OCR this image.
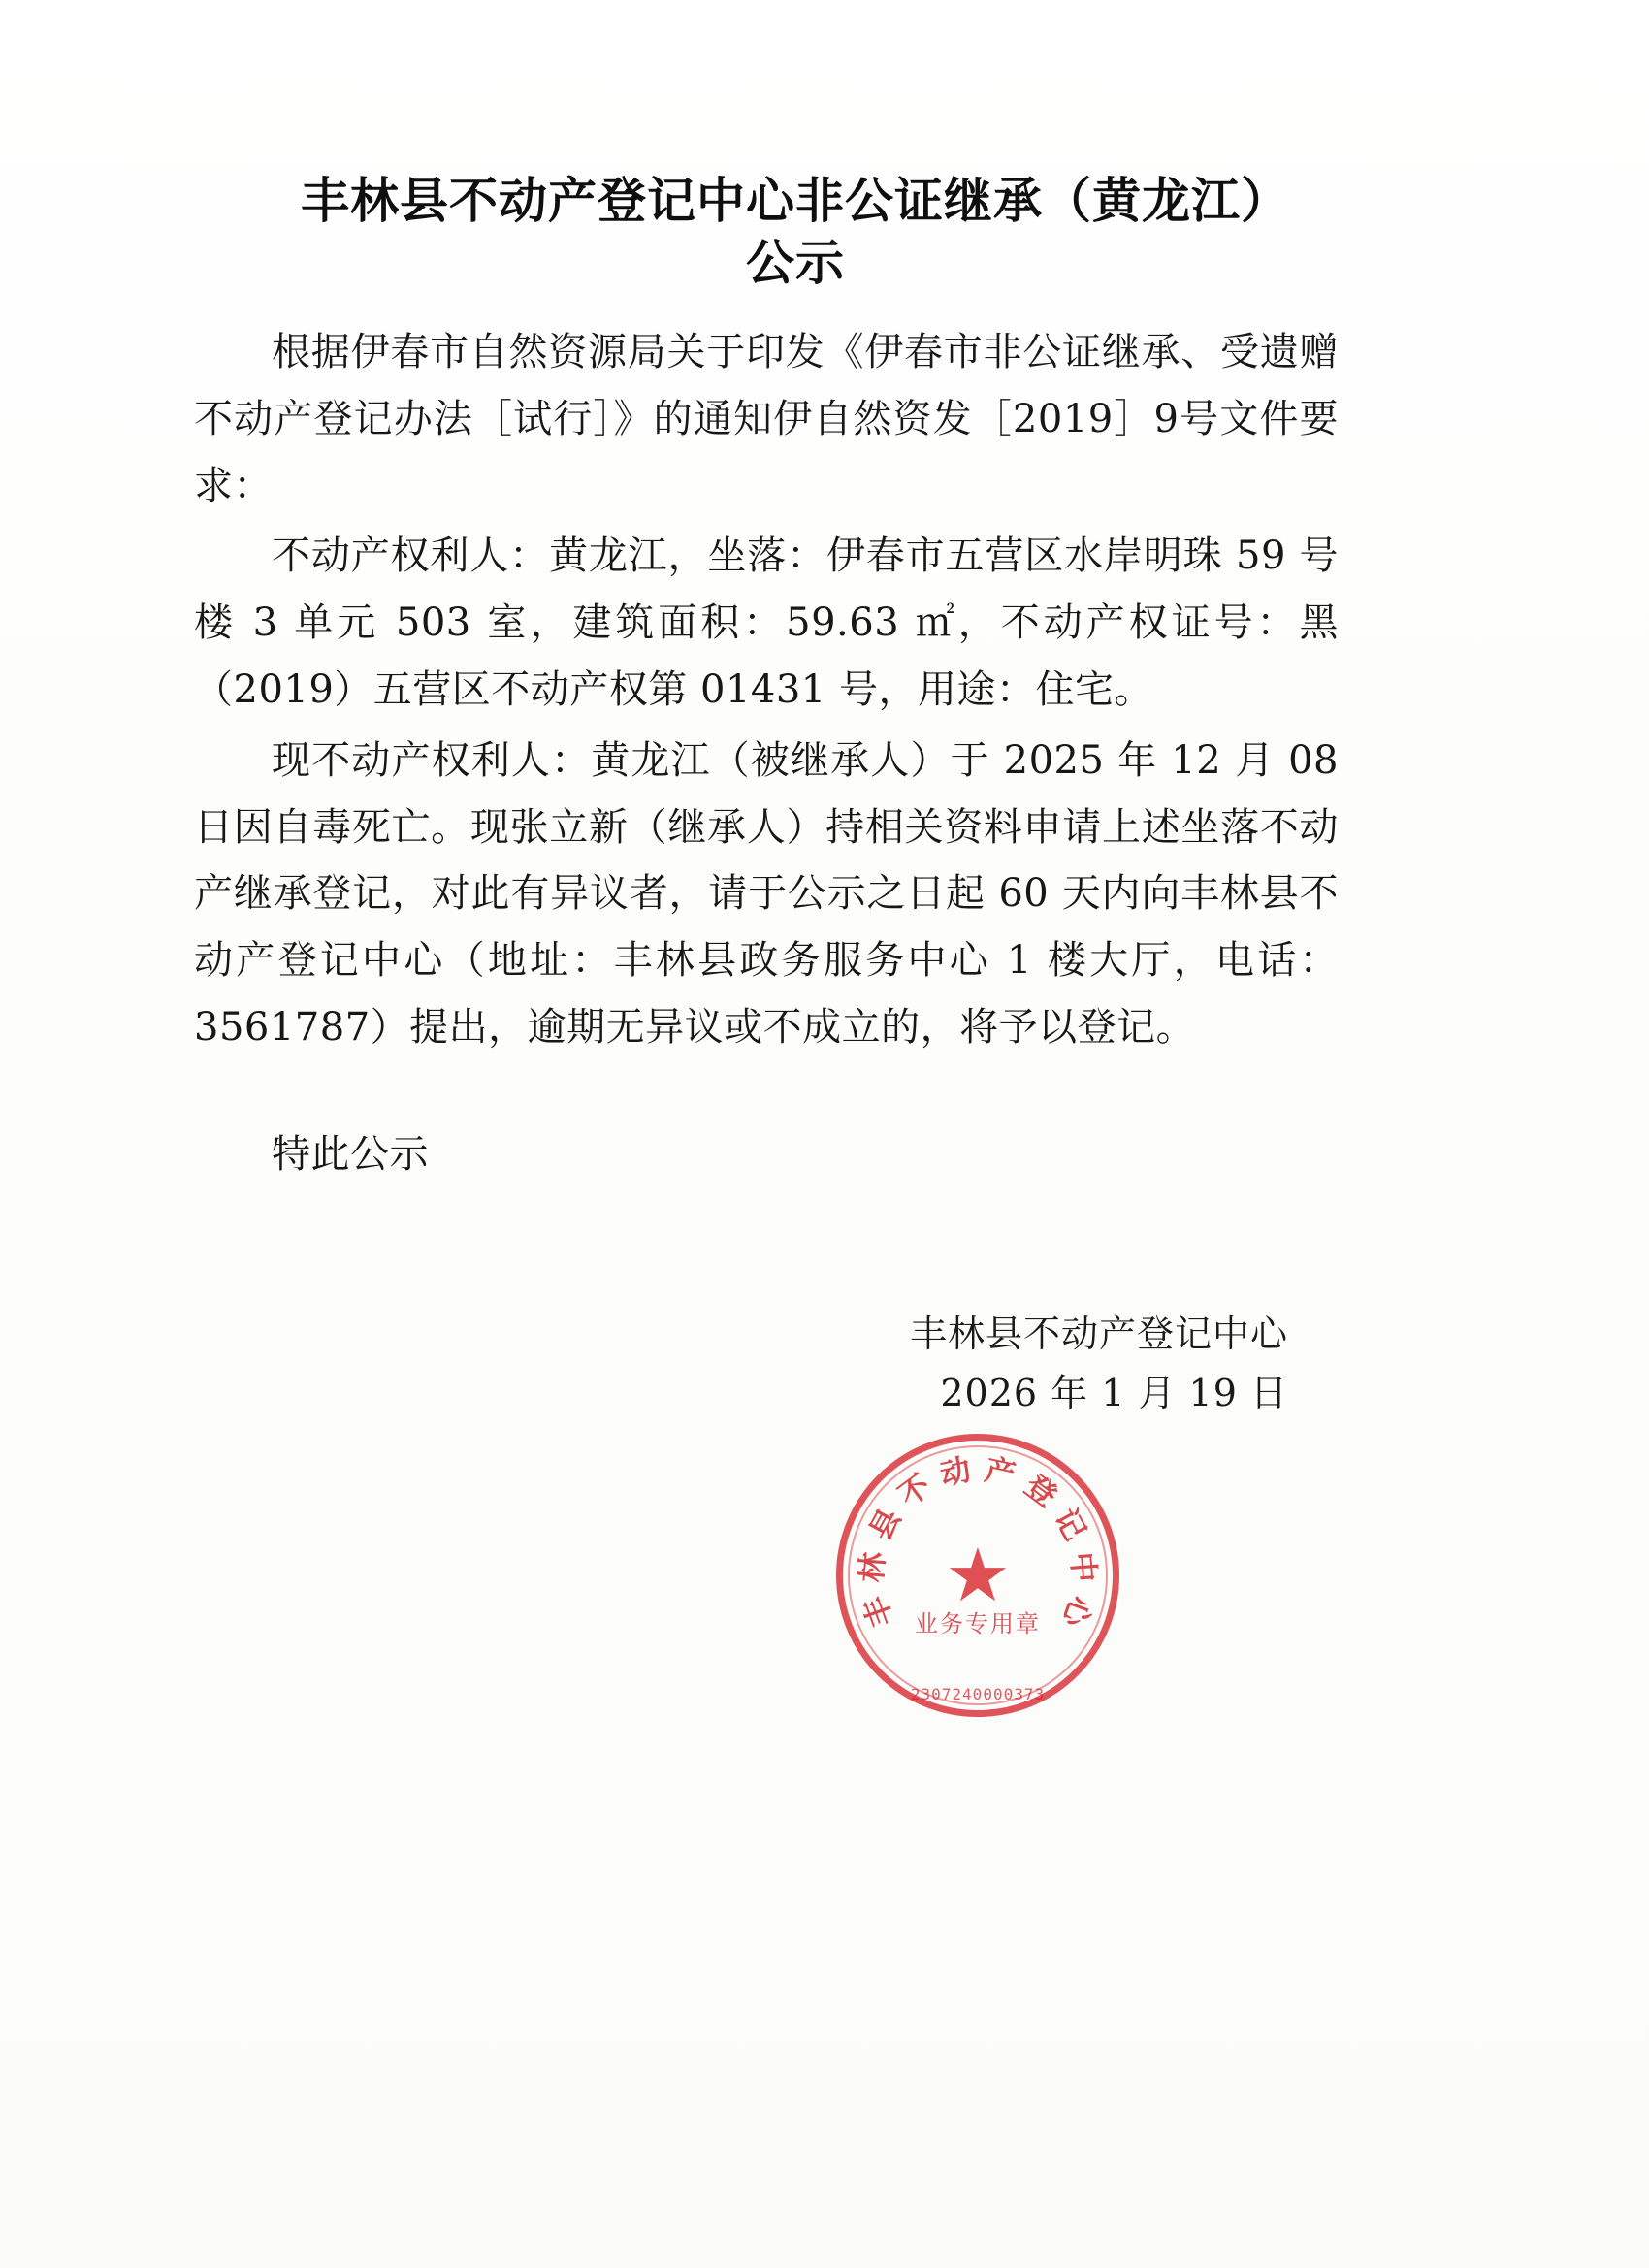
丰林县不动产登记中心非公证继承（黄龙江）
公示

根据伊春市自然资源局关于印发《伊春市非公证继承、受遗赠不动产登记办法［试行］》的通知伊自然资发［2019］9号文件要求：

不动产权利人：黄龙江，坐落：伊春市五营区水岸明珠 59 号楼 3 单元 503 室，建筑面积：59.63 ㎡，不动产权证号：黑（2019）五营区不动产权第 01431 号，用途：住宅。

现不动产权利人：黄龙江（被继承人）于 2025 年 12 月 08 日因自毒死亡。现张立新（继承人）持相关资料申请上述坐落不动产继承登记，对此有异议者，请于公示之日起 60 天内向丰林县不动产登记中心（地址：丰林县政务服务中心 1 楼大厅，电话：3561787）提出，逾期无异议或不成立的，将予以登记。

特此公示

丰林县不动产登记中心
2026 年 1 月 19 日
丰
林
县
不 动 产 登
记
中
心
★
业务专用章
2307240000373
